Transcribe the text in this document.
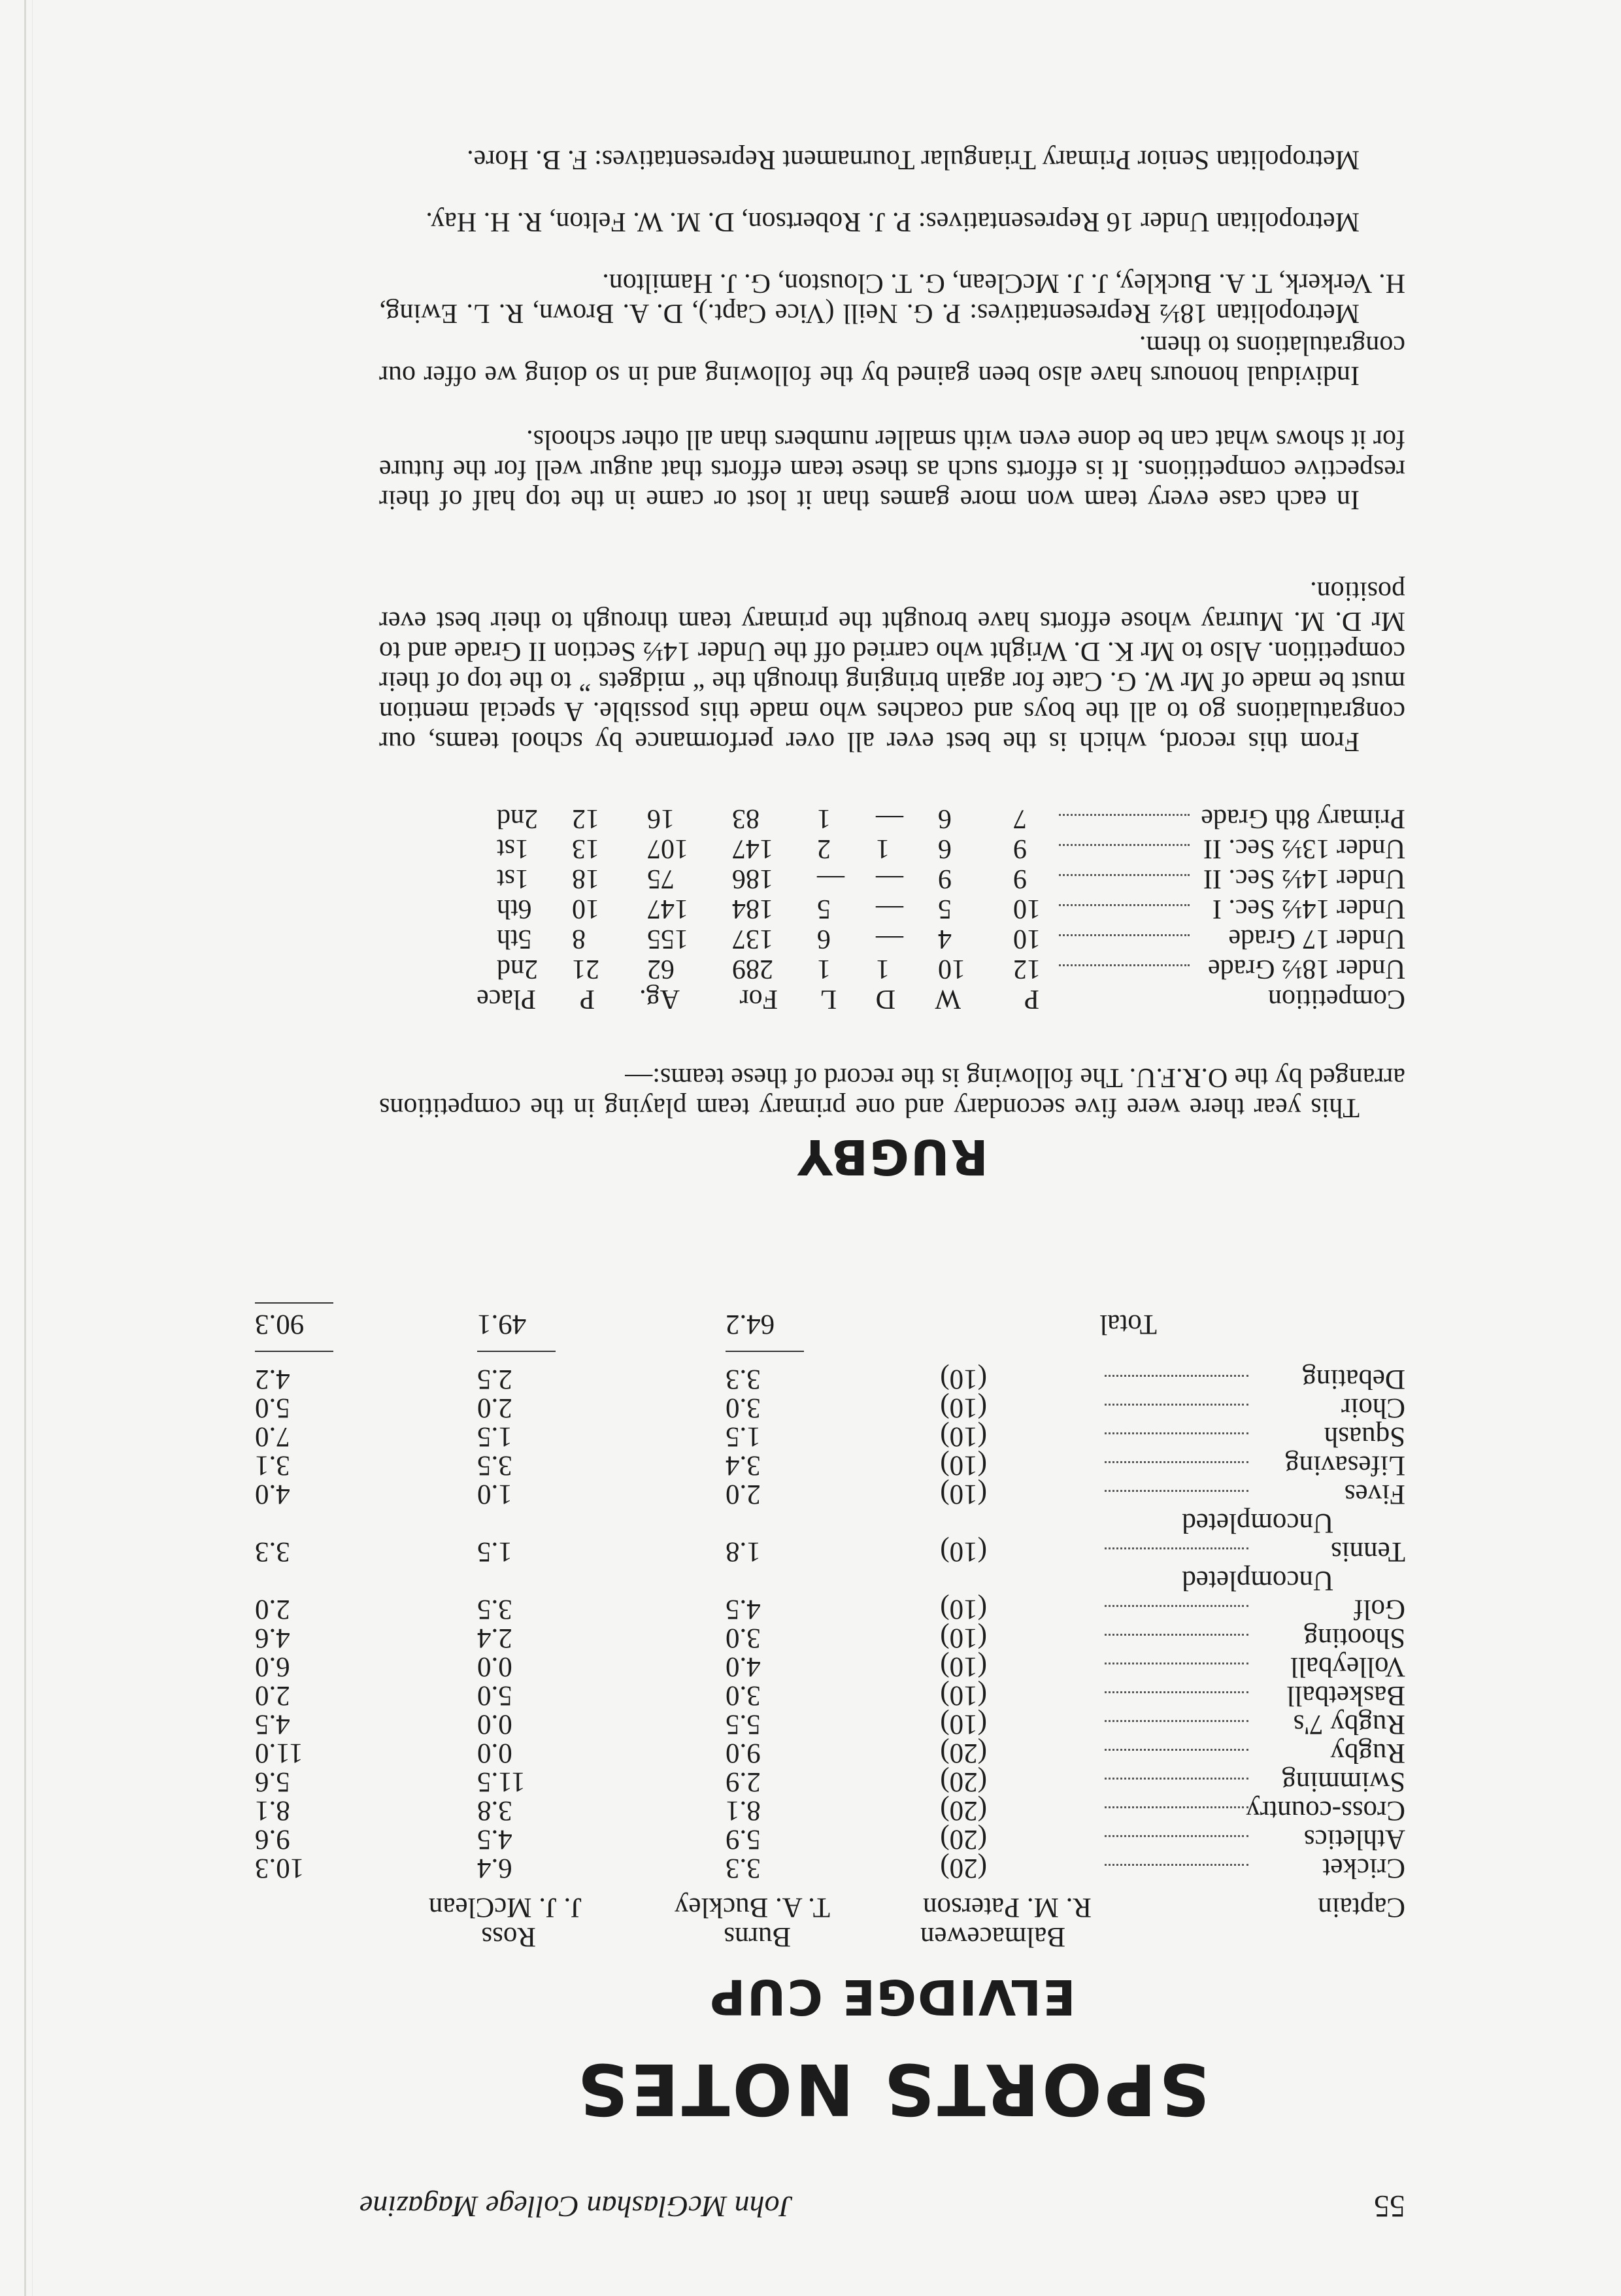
55
John McGlashan College Magazine
SPORTS NOTES
ELVIDGE CUP
Balmacewen
Burns
Ross
Captain
R. M. Paterson
T. A. Buckley
J. J. McClean
Cricket
(20)
3.3
6.4
10.3
Athletics
(20)
5.9
4.5
9.6
Cross-country
(20)
8.1
3.8
8.1
Swimming
(20)
2.9
11.5
5.6
Rugby
(20)
9.0
0.0
11.0
Rugby 7's
(10)
5.5
0.0
4.5
Basketball
(10)
3.0
5.0
2.0
Volleyball
(10)
4.0
0.0
6.0
Shooting
(10)
3.0
2.4
4.6
Golf
(10)
4.5
3.5
2.0
Uncompleted
Tennis
(10)
1.8
1.5
3.3
Uncompleted
Fives
(10)
2.0
1.0
4.0
Lifesaving
(10)
3.4
3.5
3.1
Squash
(10)
1.5
1.5
7.0
Choir
(10)
3.0
2.0
5.0
Debating
(10)
3.3
2.5
4.2
Total
64.2
49.1
90.3
RUGBY
This year there were five secondary and one primary team playing in the competitions arranged by the O.R.F.U. The following is the record of these teams:—
Competition
P
W
D
L
For
Ag.
P
Place
Under 18½ Grade
12
10
1
1
289
62
21
2nd
Under 17 Grade
10
4
—
6
137
155
8
5th
Under 14½ Sec. I
10
5
—
5
184
147
10
6th
Under 14½ Sec. II
9
9
—
—
186
75
18
1st
Under 13½ Sec. II
9
6
1
2
147
107
13
1st
Primary 8th Grade
7
6
—
1
83
16
12
2nd
From this record, which is the best ever all over performance by school teams, our congratulations go to all the boys and coaches who made this possible. A special mention must be made of Mr W. G. Cate for again bringing through the “ midgets ” to the top of their competition. Also to Mr K. D. Wright who carried off the Under 14½ Section II Grade and to Mr D. M. Murray whose efforts have brought the primary team through to their best ever position.
In each case every team won more games than it lost or came in the top half of their respective competitions. It is efforts such as these team efforts that augur well for the future for it shows what can be done even with smaller numbers than all other schools.
Individual honours have also been gained by the following and in so doing we offer our congratulations to them.
Metropolitan 18½ Representatives: P. G. Neill (Vice Capt.), D. A. Brown, R. L. Ewing, H. Verkerk, T. A. Buckley, J. J. McClean, G. T. Clouston, G. J. Hamilton.
Metropolitan Under 16 Representatives: P. J. Robertson, D. M. W. Felton, R. H. Hay.
Metropolitan Senior Primary Triangular Tournament Representatives: F. B. Hore.
